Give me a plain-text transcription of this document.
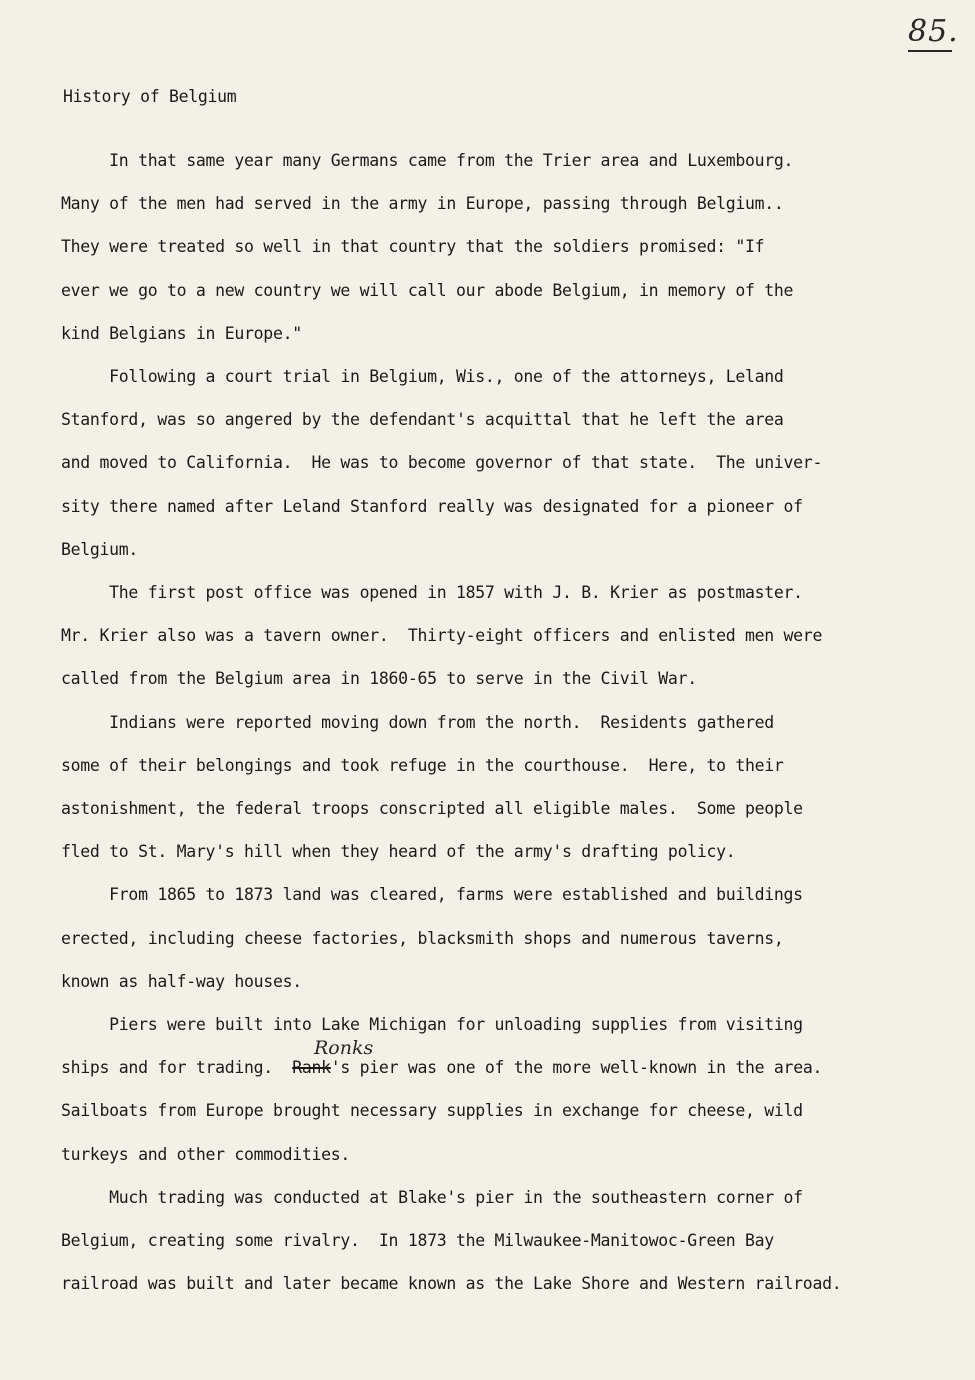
85.
History of Belgium
In that same year many Germans came from the Trier area and Luxembourg.
Many of the men had served in the army in Europe, passing through Belgium..
They were treated so well in that country that the soldiers promised: "If
ever we go to a new country we will call our abode Belgium, in memory of the
kind Belgians in Europe."
Following a court trial in Belgium, Wis., one of the attorneys, Leland
Stanford, was so angered by the defendant's acquittal that he left the area
and moved to California.  He was to become governor of that state.  The univer-
sity there named after Leland Stanford really was designated for a pioneer of
Belgium.
The first post office was opened in 1857 with J. B. Krier as postmaster.
Mr. Krier also was a tavern owner.  Thirty-eight officers and enlisted men were
called from the Belgium area in 1860-65 to serve in the Civil War.
Indians were reported moving down from the north.  Residents gathered
some of their belongings and took refuge in the courthouse.  Here, to their
astonishment, the federal troops conscripted all eligible males.  Some people
fled to St. Mary's hill when they heard of the army's drafting policy.
From 1865 to 1873 land was cleared, farms were established and buildings
erected, including cheese factories, blacksmith shops and numerous taverns,
known as half-way houses.
Piers were built into Lake Michigan for unloading supplies from visiting
ships and for trading.  Rank's pier was one of the more well-known in the area.
Sailboats from Europe brought necessary supplies in exchange for cheese, wild
turkeys and other commodities.
Much trading was conducted at Blake's pier in the southeastern corner of
Belgium, creating some rivalry.  In 1873 the Milwaukee-Manitowoc-Green Bay
railroad was built and later became known as the Lake Shore and Western railroad.
Ronks
